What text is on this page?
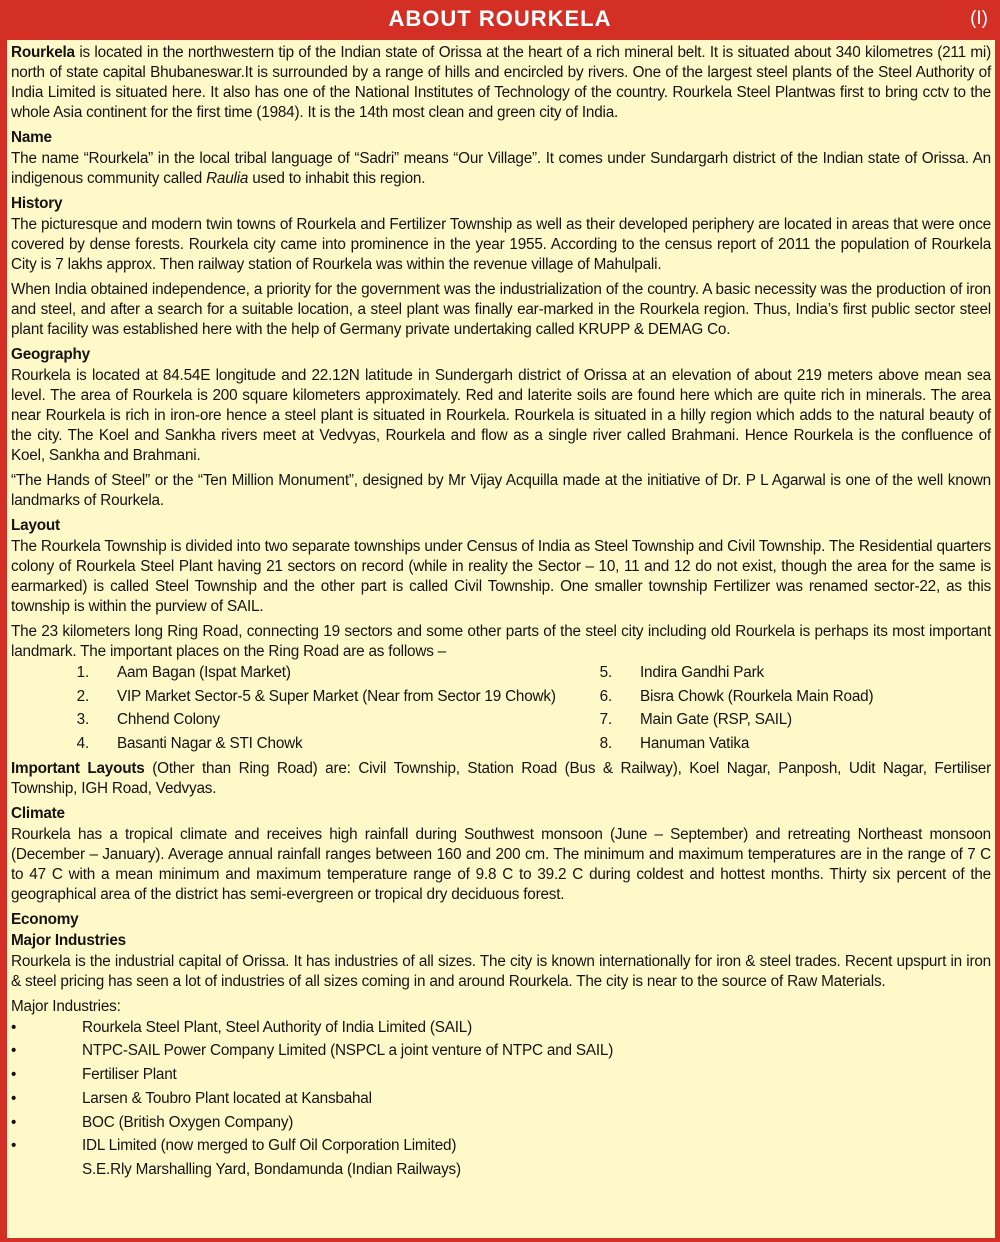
ABOUT ROURKELA	(I)

Rourkela is located in the northwestern tip of the Indian state of Orissa at the heart of a rich mineral belt. It is situated about 340 kilometres (211 mi) north of state capital Bhubaneswar.It is surrounded by a range of hills and encircled by rivers. One of the largest steel plants of the Steel Authority of India Limited is situated here. It also has one of the National Institutes of Technology of the country. Rourkela Steel Plantwas first to bring cctv to the whole Asia continent for the first time (1984). It is the 14th most clean and green city of India.

Name

The name “Rourkela” in the local tribal language of “Sadri” means “Our Village”. It comes under Sundargarh district of the Indian state of Orissa. An indigenous community called Raulia used to inhabit this region.

History

The picturesque and modern twin towns of Rourkela and Fertilizer Township as well as their developed periphery are located in areas that were once covered by dense forests. Rourkela city came into prominence in the year 1955. According to the census report of 2011 the population of Rourkela City is 7 lakhs approx. Then railway station of Rourkela was within the revenue village of Mahulpali.

When India obtained independence, a priority for the government was the industrialization of the country. A basic necessity was the production of iron and steel, and after a search for a suitable location, a steel plant was finally ear-marked in the Rourkela region. Thus, India’s first public sector steel plant facility was established here with the help of Germany private undertaking called KRUPP & DEMAG Co.

Geography

Rourkela is located at 84.54E longitude and 22.12N latitude in Sundergarh district of Orissa at an elevation of about 219 meters above mean sea level. The area of Rourkela is 200 square kilometers approximately. Red and laterite soils are found here which are quite rich in minerals. The area near Rourkela is rich in iron-ore hence a steel plant is situated in Rourkela. Rourkela is situated in a hilly region which adds to the natural beauty of the city. The Koel and Sankha rivers meet at Vedvyas, Rourkela and flow as a single river called Brahmani. Hence Rourkela is the confluence of Koel, Sankha and Brahmani.

“The Hands of Steel” or the “Ten Million Monument”, designed by Mr Vijay Acquilla made at the initiative of Dr. P L Agarwal is one of the well known landmarks of Rourkela.

Layout

The Rourkela Township is divided into two separate townships under Census of India as Steel Township and Civil Township. The Residential quarters colony of Rourkela Steel Plant having 21 sectors on record (while in reality the Sector – 10, 11 and 12 do not exist, though the area for the same is earmarked) is called Steel Township and the other part is called Civil Township. One smaller township Fertilizer was renamed sector-22, as this township is within the purview of SAIL.

The 23 kilometers long Ring Road, connecting 19 sectors and some other parts of the steel city including old Rourkela is perhaps its most important landmark. The important places on the Ring Road are as follows –

1.	Aam Bagan (Ispat Market)
2.	VIP Market Sector-5 & Super Market (Near from Sector 19 Chowk)
3.	Chhend Colony
4.	Basanti Nagar & STI Chowk
5.	Indira Gandhi Park
6.	Bisra Chowk (Rourkela Main Road)
7.	Main Gate (RSP, SAIL)
8.	Hanuman Vatika

Important Layouts (Other than Ring Road) are: Civil Township, Station Road (Bus & Railway), Koel Nagar, Panposh, Udit Nagar, Fertiliser Township, IGH Road, Vedvyas.

Climate

Rourkela has a tropical climate and receives high rainfall during Southwest monsoon (June – September) and retreating Northeast monsoon (December – January). Average annual rainfall ranges between 160 and 200 cm. The minimum and maximum temperatures are in the range of 7 C to 47 C with a mean minimum and maximum temperature range of 9.8 C to 39.2 C during coldest and hottest months. Thirty six percent of the geographical area of the district has semi-evergreen or tropical dry deciduous forest.

Economy
Major Industries

Rourkela is the industrial capital of Orissa. It has industries of all sizes. The city is known internationally for iron & steel trades. Recent upspurt in iron & steel pricing has seen a lot of industries of all sizes coming in and around Rourkela. The city is near to the source of Raw Materials.

Major Industries:

•	Rourkela Steel Plant, Steel Authority of India Limited (SAIL)
•	NTPC-SAIL Power Company Limited (NSPCL a joint venture of NTPC and SAIL)
•	Fertiliser Plant
•	Larsen & Toubro Plant located at Kansbahal
•	BOC (British Oxygen Company)
•	IDL Limited (now merged to Gulf Oil Corporation Limited)
S.E.Rly Marshalling Yard, Bondamunda (Indian Railways)
